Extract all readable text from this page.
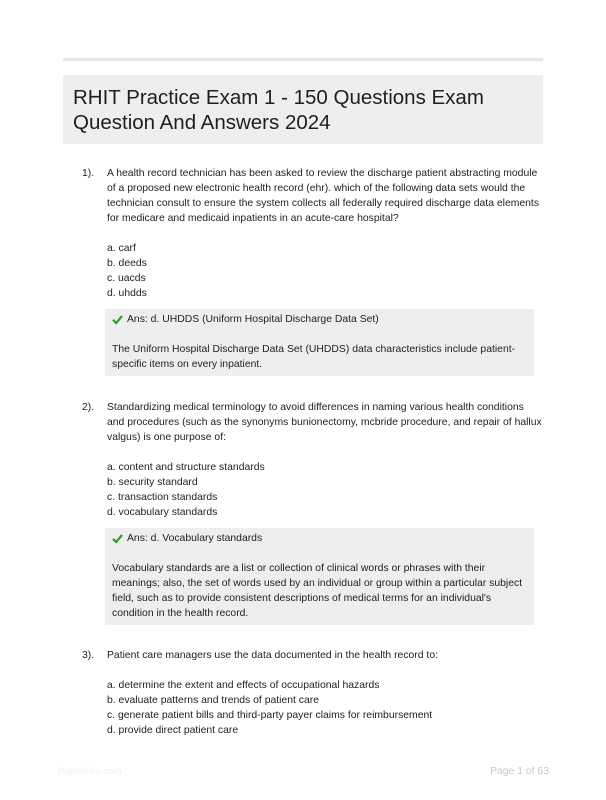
RHIT Practice Exam 1 - 150 Questions Exam
Question And Answers 2024
1). A health record technician has been asked to review the discharge patient abstracting module of a proposed new electronic health record (ehr). which of the following data sets would the technician consult to ensure the system collects all federally required discharge data elements for medicare and medicaid inpatients in an acute-care hospital?

a. carf
b. deeds
c. uacds
d. uhdds
Ans: d. UHDDS (Uniform Hospital Discharge Data Set)

The Uniform Hospital Discharge Data Set (UHDDS) data characteristics include patient-specific items on every inpatient.

2). Standardizing medical terminology to avoid differences in naming various health conditions and procedures (such as the synonyms bunionectomy, mcbride procedure, and repair of hallux valgus) is one purpose of:

a. content and structure standards
b. security standard
c. transaction standards
d. vocabulary standards
Ans: d. Vocabulary standards

Vocabulary standards are a list or collection of clinical words or phrases with their meanings; also, the set of words used by an individual or group within a particular subject field, such as to provide consistent descriptions of medical terms for an individual's condition in the health record.

3). Patient care managers use the data documented in the health record to:

a. determine the extent and effects of occupational hazards
b. evaluate patterns and trends of patient care
c. generate patient bills and third-party payer claims for reimbursement
d. provide direct patient care
Paperfolio.com	Page 1 of 63
